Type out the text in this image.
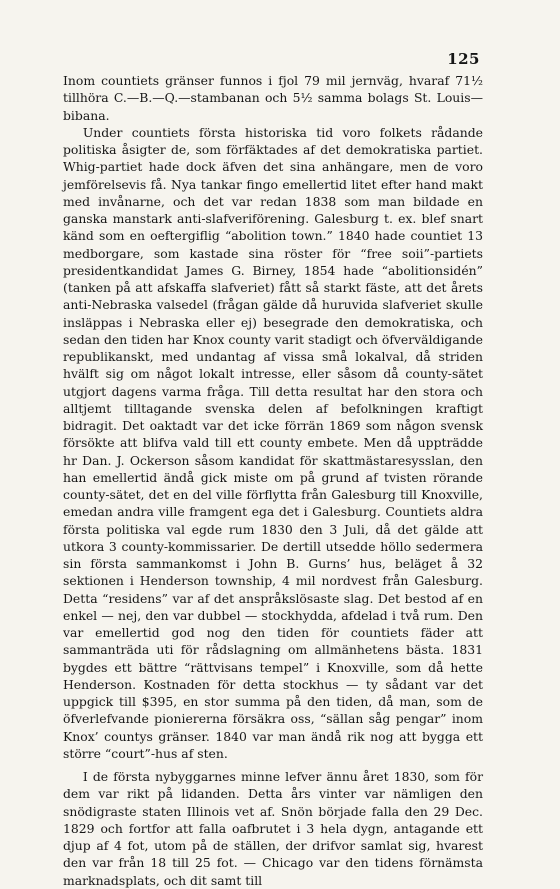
125

Inom countiets gränser funnos i fjol 79 mil jernväg, hvaraf 71½ tillhöra C.—B.—Q.—stambanan och 5½ samma bolags St. Louis—bibana.

Under countiets första historiska tid voro folkets rådande politiska åsigter de, som förfäktades af det demokratiska partiet. Whig-partiet hade dock äfven det sina anhängare, men de voro jemförelsevis få. Nya tankar fingo emellertid litet efter hand makt med invånarne, och det var redan 1838 som man bildade en ganska manstark anti-slafveriförening. Galesburg t. ex. blef snart känd som en oeftergiflig “abolition town.” 1840 hade countiet 13 medborgare, som kastade sina röster för “free soii”-partiets presidentkandidat James G. Birney, 1854 hade “abolitionsidén” (tanken på att afskaffa slafveriet) fått så starkt fäste, att det årets anti-Nebraska valsedel (frågan gälde då huruvida slafveriet skulle insläppas i Nebraska eller ej) besegrade den demokratiska, och sedan den tiden har Knox county varit stadigt och öfverväldigande republikanskt, med undantag af vissa små lokalval, då striden hvälft sig om något lokalt intresse, eller såsom då county-sätet utgjort dagens varma fråga. Till detta resultat har den stora och alltjemt tilltagande svenska delen af befolkningen kraftigt bidragit. Det oaktadt var det icke förrän 1869 som någon svensk försökte att blifva vald till ett county embete. Men då uppträdde hr Dan. J. Ockerson såsom kandidat för skattmästaresysslan, den han emellertid ändå gick miste om på grund af tvisten rörande county-sätet, det en del ville förflytta från Galesburg till Knoxville, emedan andra ville framgent ega det i Galesburg. Countiets aldra första politiska val egde rum 1830 den 3 Juli, då det gälde att utkora 3 county-kommissarier. De dertill utsedde höllo sedermera sin första sammankomst i John B. Gurns’ hus, beläget å 32 sektionen i Henderson township, 4 mil nordvest från Galesburg. Detta “residens” var af det anspråkslösaste slag. Det bestod af en enkel — nej, den var dubbel — stockhydda, afdelad i två rum. Den var emellertid god nog den tiden för countiets fäder att sammanträda uti för rådslagning om allmänhetens bästa. 1831 bygdes ett bättre “rättvisans tempel” i Knoxville, som då hette Henderson. Kostnaden för detta stockhus — ty sådant var det uppgick till $395, en stor summa på den tiden, då man, som de öfverlefvande pioniererna försäkra oss, “sällan såg pengar” inom Knox’ countys gränser. 1840 var man ändå rik nog att bygga ett större “court”-hus af sten.

I de första nybyggarnes minne lefver ännu året 1830, som för dem var rikt på lidanden. Detta års vinter var nämligen den snödigraste staten Illinois vet af. Snön började falla den 29 Dec. 1829 och fortfor att falla oafbrutet i 3 hela dygn, antagande ett djup af 4 fot, utom på de ställen, der drifvor samlat sig, hvarest den var från 18 till 25 fot. — Chicago var den tidens förnämsta marknadsplats, och dit samt till
